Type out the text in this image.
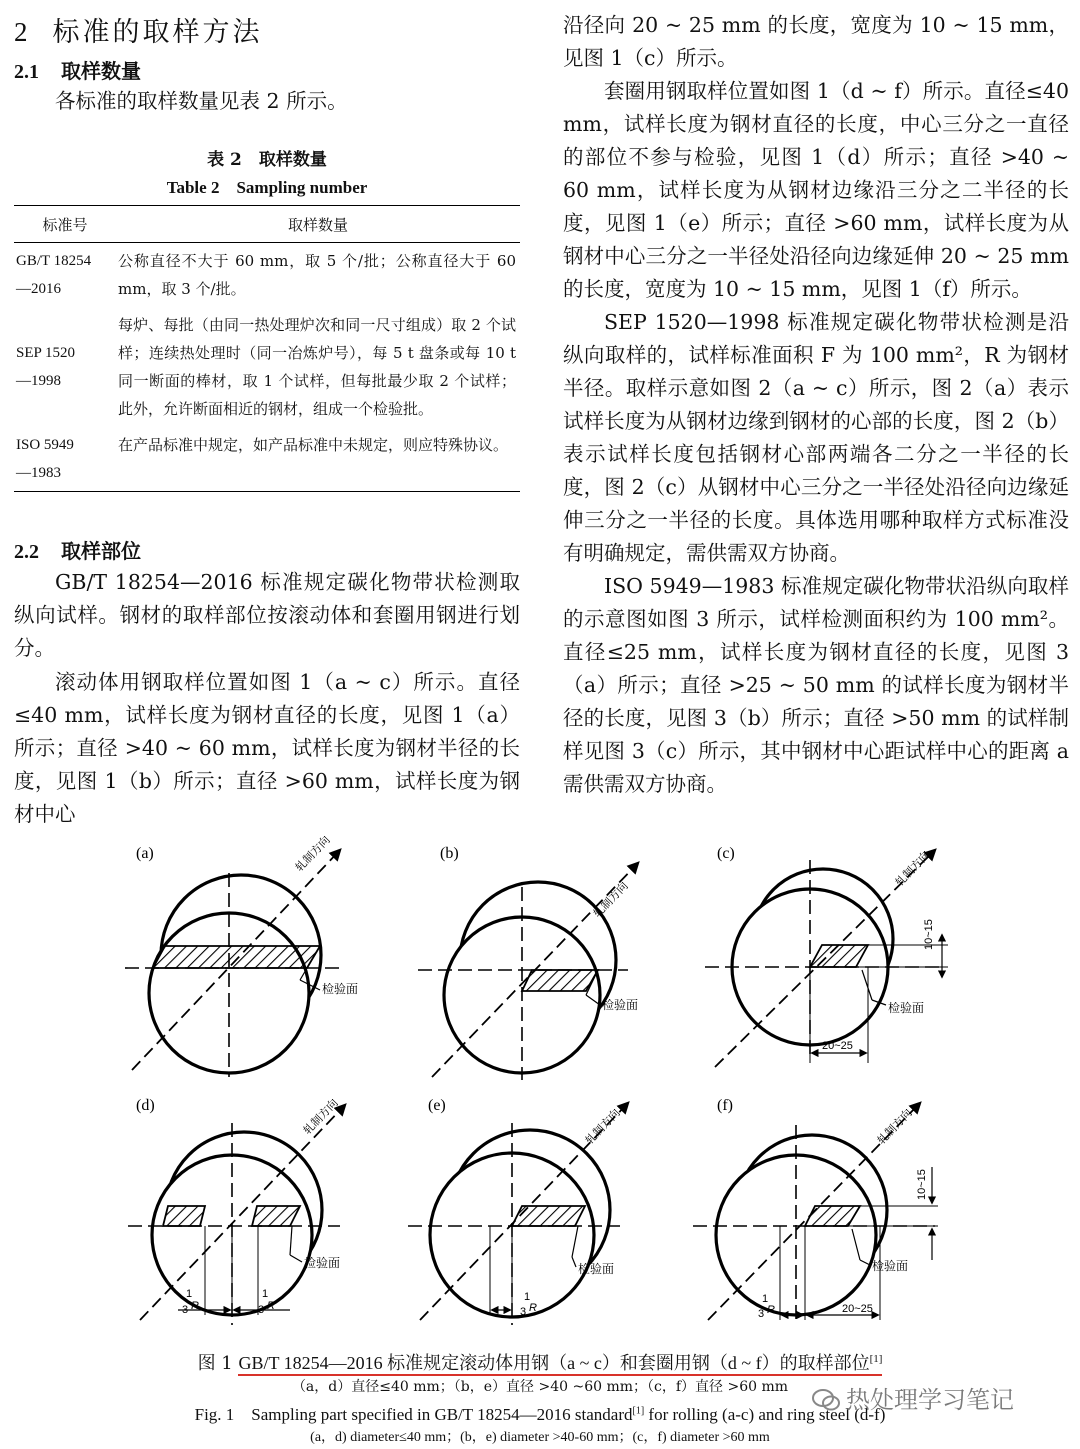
2 标准的取样方法
2.1 取样数量
各标准的取样数量见表 2 所示。
表 2　取样数量
Table 2　Sampling number
标准号	取样数量
GB/T 18254
—2016	公称直径不大于 60 mm，取 5 个/批；公称直径大于 60 mm，取 3 个/批。
SEP 1520
—1998	每炉、每批（由同一热处理炉次和同一尺寸组成）取 2 个试样；连续热处理时（同一冶炼炉号），每 5 t 盘条或每 10 t 同一断面的棒材，取 1 个试样，但每批最少取 2 个试样；此外，允许断面相近的钢材，组成一个检验批。
ISO 5949
—1983	在产品标准中规定，如产品标准中未规定，则应特殊协议。
2.2 取样部位
GB/T 18254—2016 标准规定碳化物带状检测取纵向试样。钢材的取样部位按滚动体和套圈用钢进行划分。
滚动体用钢取样位置如图 1（a ~ c）所示。直径≤40 mm，试样长度为钢材直径的长度，见图 1（a）所示；直径 >40 ~ 60 mm，试样长度为钢材半径的长度，见图 1（b）所示；直径 >60 mm，试样长度为钢材中心
沿径向 20 ~ 25 mm 的长度，宽度为 10 ~ 15 mm，见图 1（c）所示。
套圈用钢取样位置如图 1（d ~ f）所示。直径≤40 mm，试样长度为钢材直径的长度，中心三分之一直径的部位不参与检验，见图 1（d）所示；直径 >40 ~ 60 mm，试样长度为从钢材边缘沿三分之二半径的长度，见图 1（e）所示；直径 >60 mm，试样长度为从钢材中心三分之一半径处沿径向边缘延伸 20 ~ 25 mm 的长度，宽度为 10 ~ 15 mm，见图 1（f）所示。
SEP 1520—1998 标准规定碳化物带状检测是沿纵向取样的，试样标准面积 F 为 100 mm²，R 为钢材半径。取样示意如图 2（a ~ c）所示，图 2（a）表示试样长度为从钢材边缘到钢材的心部的长度，图 2（b）表示试样长度包括钢材心部两端各二分之一半径的长度，图 2（c）从钢材中心三分之一半径处沿径向边缘延伸三分之一半径的长度。具体选用哪种取样方式标准没有明确规定，需供需双方协商。
ISO 5949—1983 标准规定碳化物带状沿纵向取样的示意图如图 3 所示，试样检测面积约为 100 mm²。直径≤25 mm，试样长度为钢材直径的长度，见图 3（a）所示；直径 >25 ~ 50 mm 的试样长度为钢材半径的长度，见图 3（b）所示；直径 >50 mm 的试样制样见图 3（c）所示，其中钢材中心距试样中心的距离 a 需供需双方协商。
(a)
检验面
轧制方向	(b)
检验面
轧制方向
(c)
10~15
20~25
检验面
轧制方向
(d)
1
3 R
1
3 R
检验面
轧制方向	(e)
1
3 R
检验面
轧制方向
(f)
10~15
1
3 R	20~25
检验面
轧制方向
图 1 GB/T 18254—2016 标准规定滚动体用钢（a ~ c）和套圈用钢（d ~ f）的取样部位[1]
（a，d）直径≤40 mm；（b，e）直径 >40 ~60 mm；（c，f）直径 >60 mm
Fig. 1　Sampling part specified in GB/T 18254—2016 standard[1] for rolling (a-c) and ring steel (d-f)
(a，d) diameter≤40 mm；(b，e) diameter >40-60 mm；(c，f) diameter >60 mm
热处理学习笔记
